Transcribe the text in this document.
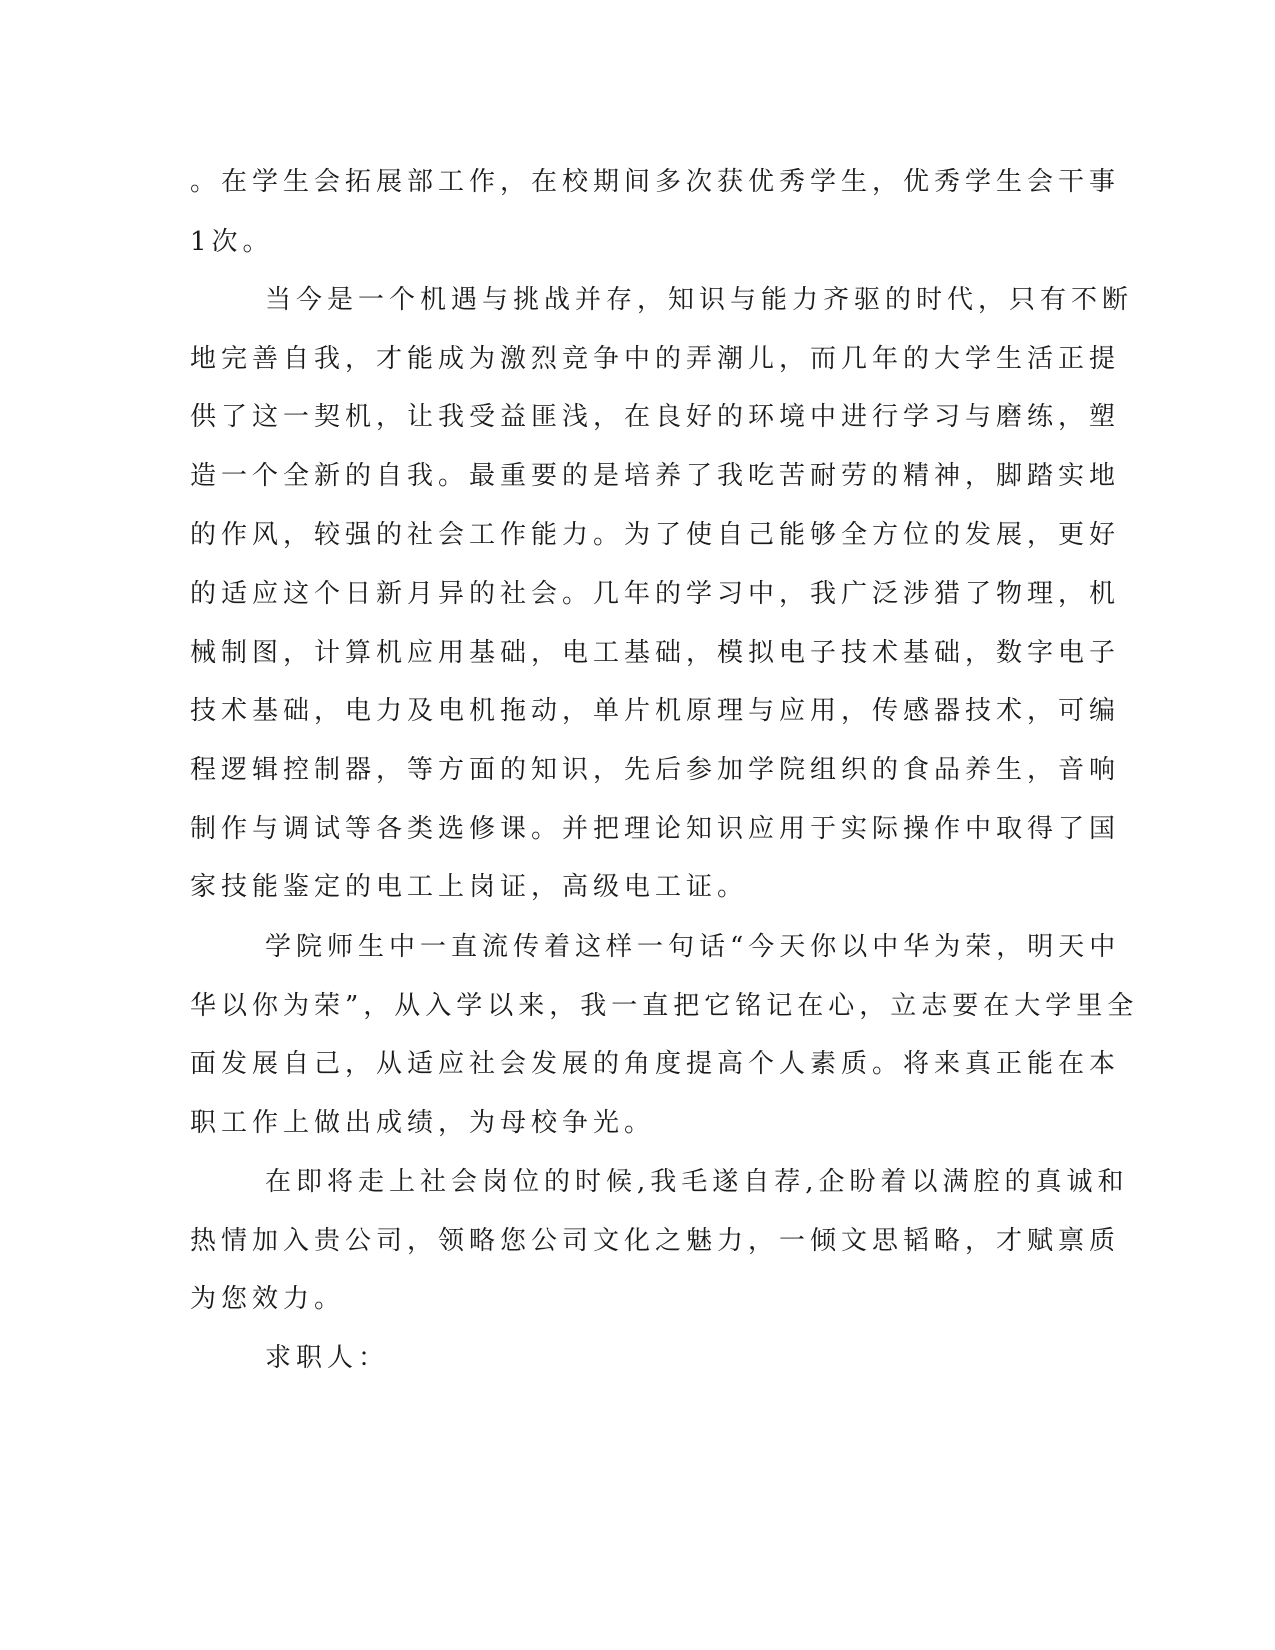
。在学生会拓展部工作，在校期间多次获优秀学生，优秀学生会干事
1次。
当今是一个机遇与挑战并存，知识与能力齐驱的时代，只有不断
地完善自我，才能成为激烈竞争中的弄潮儿，而几年的大学生活正提
供了这一契机，让我受益匪浅，在良好的环境中进行学习与磨练，塑
造一个全新的自我。最重要的是培养了我吃苦耐劳的精神，脚踏实地
的作风，较强的社会工作能力。为了使自己能够全方位的发展，更好
的适应这个日新月异的社会。几年的学习中，我广泛涉猎了物理，机
械制图，计算机应用基础，电工基础，模拟电子技术基础，数字电子
技术基础，电力及电机拖动，单片机原理与应用，传感器技术，可编
程逻辑控制器，等方面的知识，先后参加学院组织的食品养生，音响
制作与调试等各类选修课。并把理论知识应用于实际操作中取得了国
家技能鉴定的电工上岗证，高级电工证。
学院师生中一直流传着这样一句话“今天你以中华为荣，明天中
华以你为荣”，从入学以来，我一直把它铭记在心，立志要在大学里全
面发展自己，从适应社会发展的角度提高个人素质。将来真正能在本
职工作上做出成绩，为母校争光。
在即将走上社会岗位的时候,我毛遂自荐,企盼着以满腔的真诚和
热情加入贵公司，领略您公司文化之魅力，一倾文思韬略，才赋禀质
为您效力。
求职人：
